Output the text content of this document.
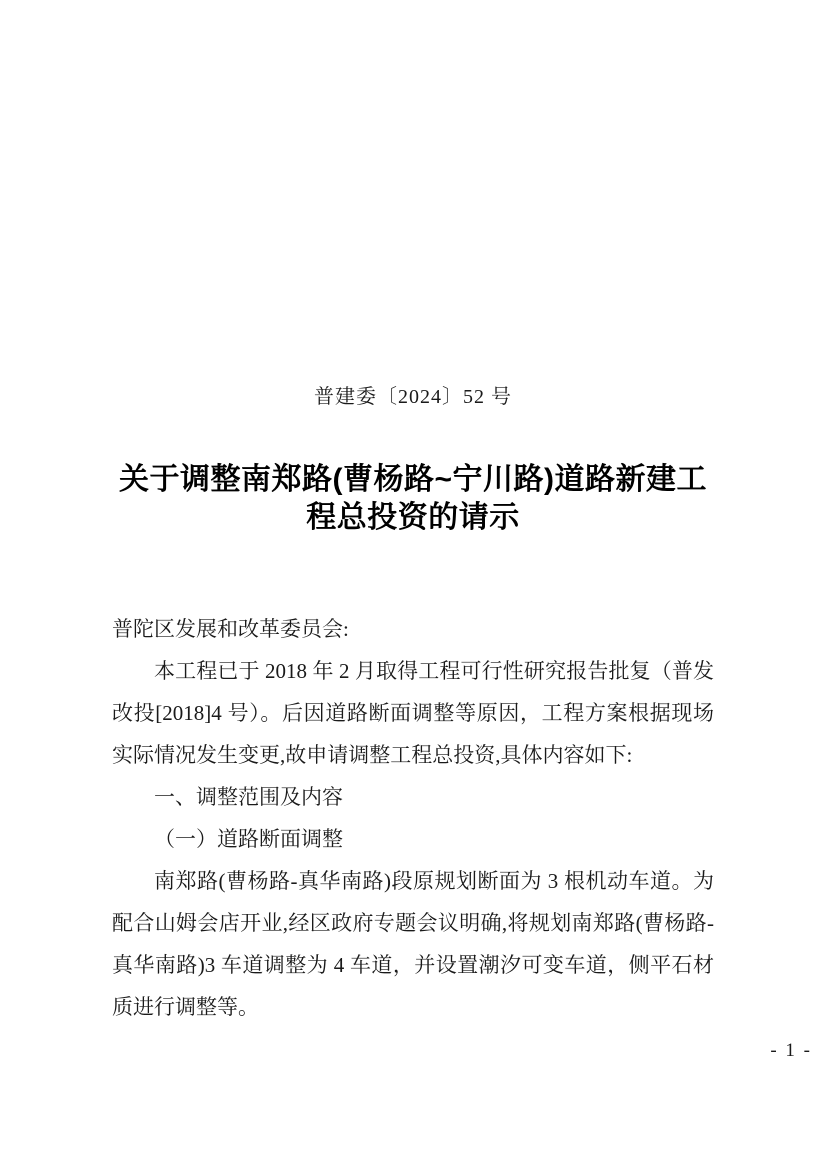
普建委〔2024〕52 号
关于调整南郑路(曹杨路~宁川路)道路新建工
程总投资的请示

普陀区发展和改革委员会:

本工程已于 2018 年 2 月取得工程可行性研究报告批复（普发改投[2018]4 号）。后因道路断面调整等原因，工程方案根据现场实际情况发生变更,故申请调整工程总投资,具体内容如下:

一、调整范围及内容

（一）道路断面调整

南郑路(曹杨路-真华南路)段原规划断面为 3 根机动车道。为配合山姆会店开业,经区政府专题会议明确,将规划南郑路(曹杨路-真华南路)3 车道调整为 4 车道，并设置潮汐可变车道，侧平石材质进行调整等。

- 1 -
